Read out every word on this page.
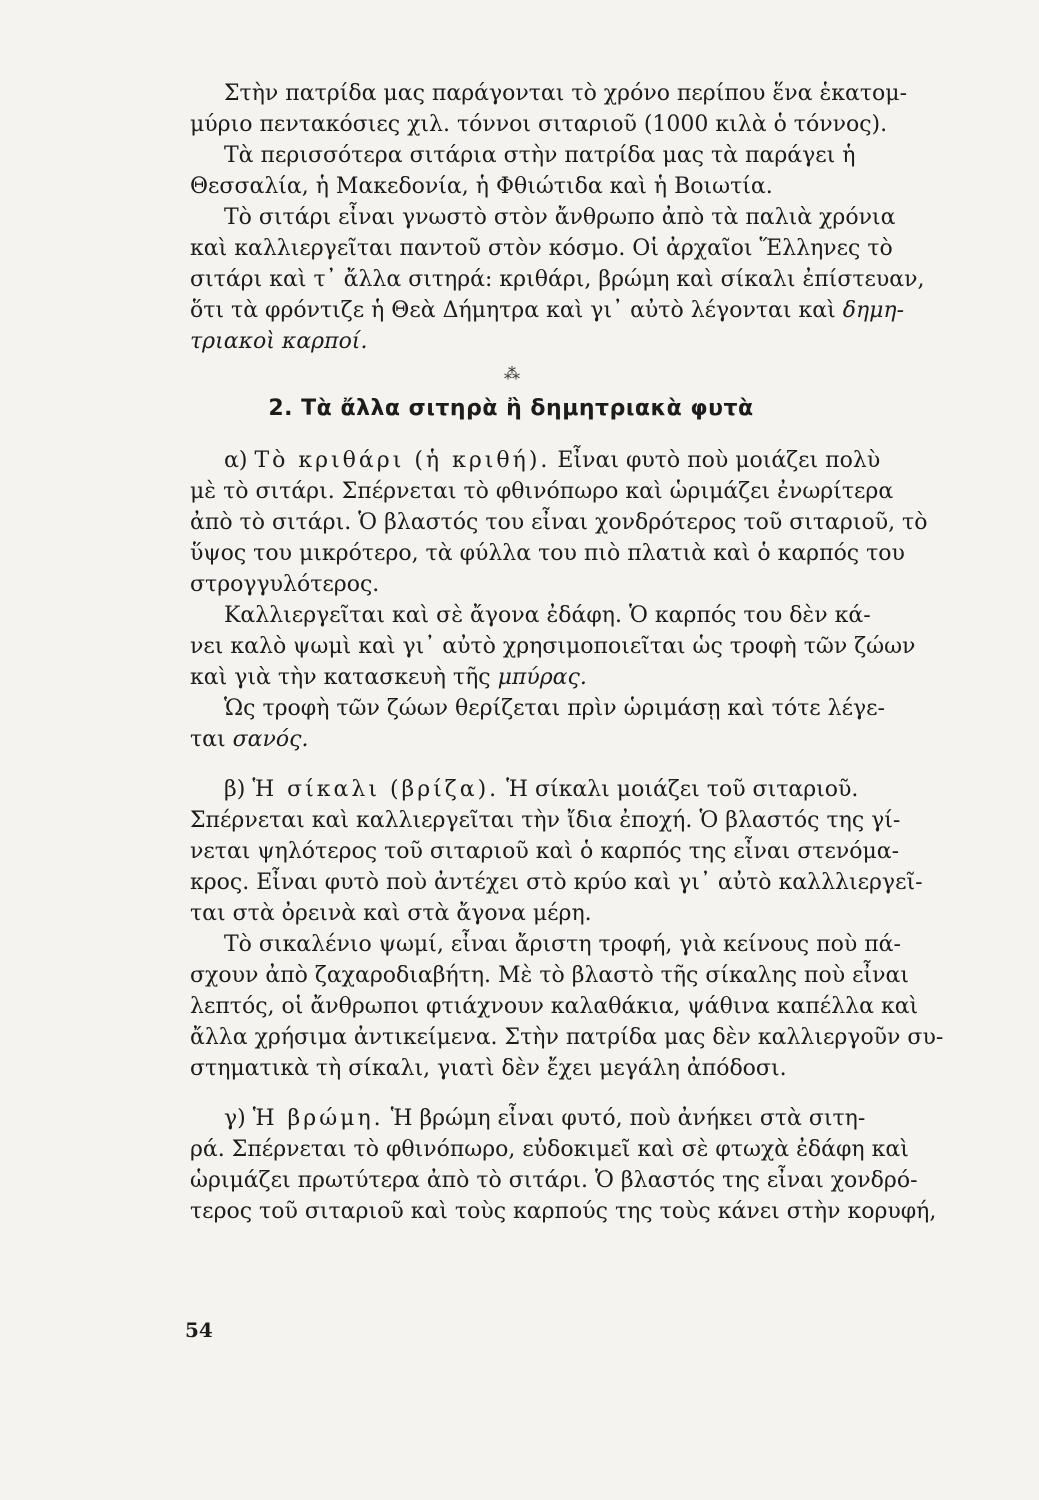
Στὴν πατρίδα μας παράγονται τὸ χρόνο περίπου ἕνα ἑκατομ-
μύριο πεντακόσιες χιλ. τόννοι σιταριοῦ (1000 κιλὰ ὁ τόννος).
Τὰ περισσότερα σιτάρια στὴν πατρίδα μας τὰ παράγει ἡ
Θεσσαλία, ἡ Μακεδονία, ἡ Φθιώτιδα καὶ ἡ Βοιωτία.
Τὸ σιτάρι εἶναι γνωστὸ στὸν ἄνθρωπο ἀπὸ τὰ παλιὰ χρόνια
καὶ καλλιεργεῖται παντοῦ στὸν κόσμο. Οἱ ἀρχαῖοι Ἕλληνες τὸ
σιτάρι καὶ τ᾿ ἄλλα σιτηρά: κριθάρι, βρώμη καὶ σίκαλι ἐπίστευαν,
ὅτι τὰ φρόντιζε ἡ Θεὰ Δήμητρα καὶ γι᾿ αὐτὸ λέγονται καὶ δημη-
τριακοὶ καρποί.
⁂
2. Τὰ ἄλλα σιτηρὰ ἢ δημητριακὰ φυτὰ
α) Τὸ κριθάρι (ἡ κριθή). Εἶναι φυτὸ ποὺ μοιάζει πολὺ
μὲ τὸ σιτάρι. Σπέρνεται τὸ φθινόπωρο καὶ ὡριμάζει ἐνωρίτερα
ἀπὸ τὸ σιτάρι. Ὁ βλαστός του εἶναι χονδρότερος τοῦ σιταριοῦ, τὸ
ὕψος του μικρότερο, τὰ φύλλα του πιὸ πλατιὰ καὶ ὁ καρπός του
στρογγυλότερος.
Καλλιεργεῖται καὶ σὲ ἄγονα ἐδάφη. Ὁ καρπός του δὲν κά-
νει καλὸ ψωμὶ καὶ γι᾿ αὐτὸ χρησιμοποιεῖται ὡς τροφὴ τῶν ζώων
καὶ γιὰ τὴν κατασκευὴ τῆς μπύρας.
Ὡς τροφὴ τῶν ζώων θερίζεται πρὶν ὡριμάσῃ καὶ τότε λέγε-
ται σανός.
β) Ἡ σίκαλι (βρίζα). Ἡ σίκαλι μοιάζει τοῦ σιταριοῦ.
Σπέρνεται καὶ καλλιεργεῖται τὴν ἴδια ἐποχή. Ὁ βλαστός της γί-
νεται ψηλότερος τοῦ σιταριοῦ καὶ ὁ καρπός της εἶναι στενόμα-
κρος. Εἶναι φυτὸ ποὺ ἀντέχει στὸ κρύο καὶ γι᾿ αὐτὸ καλλλιεργεῖ-
ται στὰ ὀρεινὰ καὶ στὰ ἄγονα μέρη.
Τὸ σικαλένιο ψωμί, εἶναι ἄριστη τροφή, γιὰ κείνους ποὺ πά-
σχουν ἀπὸ ζαχαροδιαβήτη. Μὲ τὸ βλαστὸ τῆς σίκαλης ποὺ εἶναι
λεπτός, οἱ ἄνθρωποι φτιάχνουν καλαθάκια, ψάθινα καπέλλα καὶ
ἄλλα χρήσιμα ἀντικείμενα. Στὴν πατρίδα μας δὲν καλλιεργοῦν συ-
στηματικὰ τὴ σίκαλι, γιατὶ δὲν ἔχει μεγάλη ἀπόδοσι.
γ) Ἡ βρώμη. Ἡ βρώμη εἶναι φυτό, ποὺ ἀνήκει στὰ σιτη-
ρά. Σπέρνεται τὸ φθινόπωρο, εὐδοκιμεῖ καὶ σὲ φτωχὰ ἐδάφη καὶ
ὡριμάζει πρωτύτερα ἀπὸ τὸ σιτάρι. Ὁ βλαστός της εἶναι χονδρό-
τερος τοῦ σιταριοῦ καὶ τοὺς καρπούς της τοὺς κάνει στὴν κορυφή,
54
